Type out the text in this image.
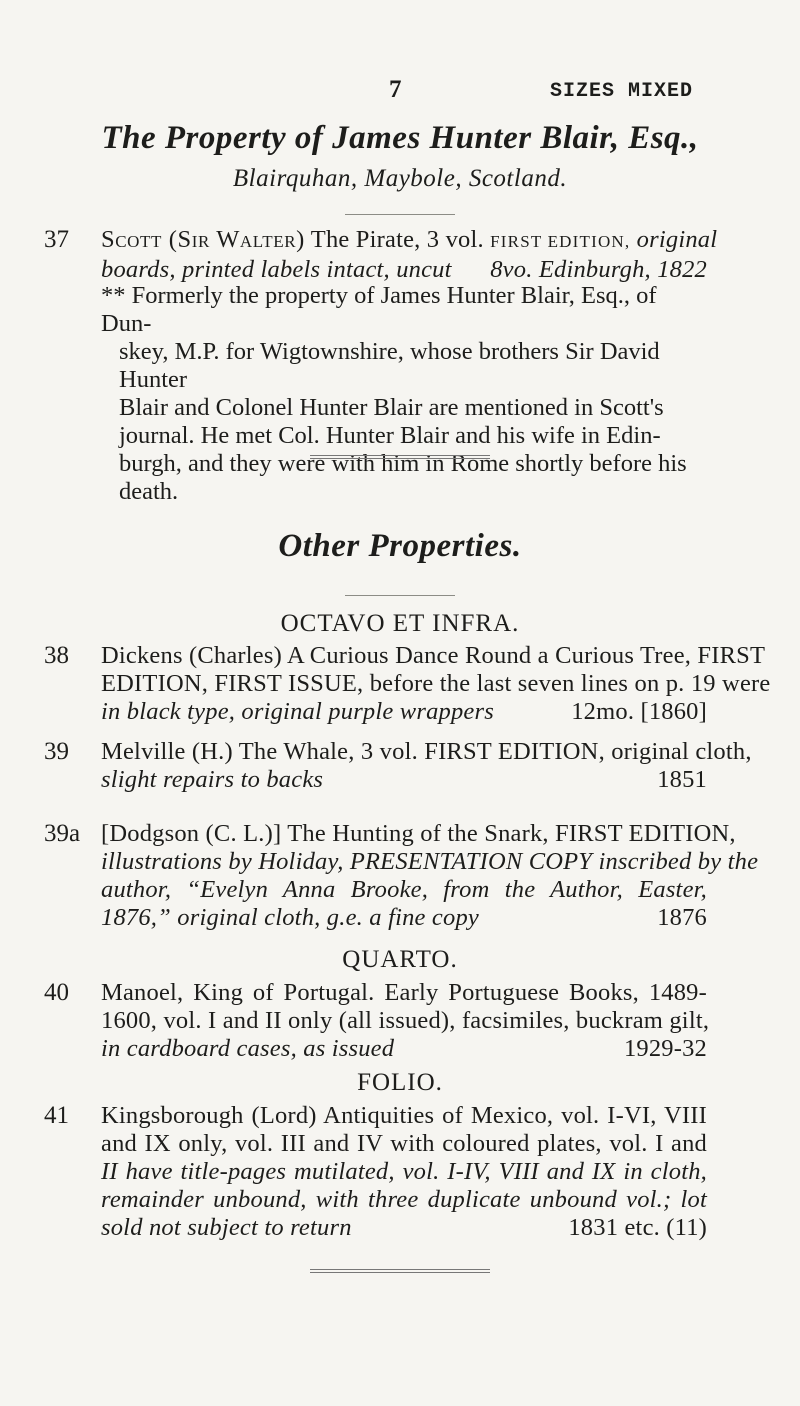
7	SIZES MIXED
The Property of James Hunter Blair, Esq.,
Blairquhan, Maybole, Scotland.
37 Scott (Sir Walter) The Pirate, 3 vol. FIRST EDITION, original
boards, printed labels intact, uncut 8vo. Edinburgh, 1822
** Formerly the property of James Hunter Blair, Esq., of Dun-
skey, M.P. for Wigtownshire, whose brothers Sir David Hunter
Blair and Colonel Hunter Blair are mentioned in Scott's
journal. He met Col. Hunter Blair and his wife in Edin-
burgh, and they were with him in Rome shortly before his
death.
Other Properties.
OCTAVO ET INFRA.
38 Dickens (Charles) A Curious Dance Round a Curious Tree, FIRST
EDITION, FIRST ISSUE, before the last seven lines on p. 19 were
in black type, original purple wrappers	12mo. [1860]
39 Melville (H.) The Whale, 3 vol. FIRST EDITION, original cloth,
slight repairs to backs	1851
39a [Dodgson (C. L.)] The Hunting of the Snark, FIRST EDITION,
illustrations by Holiday, PRESENTATION COPY inscribed by the
author, “Evelyn Anna Brooke, from the Author, Easter,
1876,” original cloth, g.e. a fine copy	1876
QUARTO.
40 Manoel, King of Portugal. Early Portuguese Books, 1489-
1600, vol. I and II only (all issued), facsimiles, buckram gilt,
in cardboard cases, as issued	1929-32
FOLIO.
41 Kingsborough (Lord) Antiquities of Mexico, vol. I-VI, VIII
and IX only, vol. III and IV with coloured plates, vol. I and
II have title-pages mutilated, vol. I-IV, VIII and IX in cloth,
remainder unbound, with three duplicate unbound vol.; lot
sold not subject to return	1831 etc. (11)
